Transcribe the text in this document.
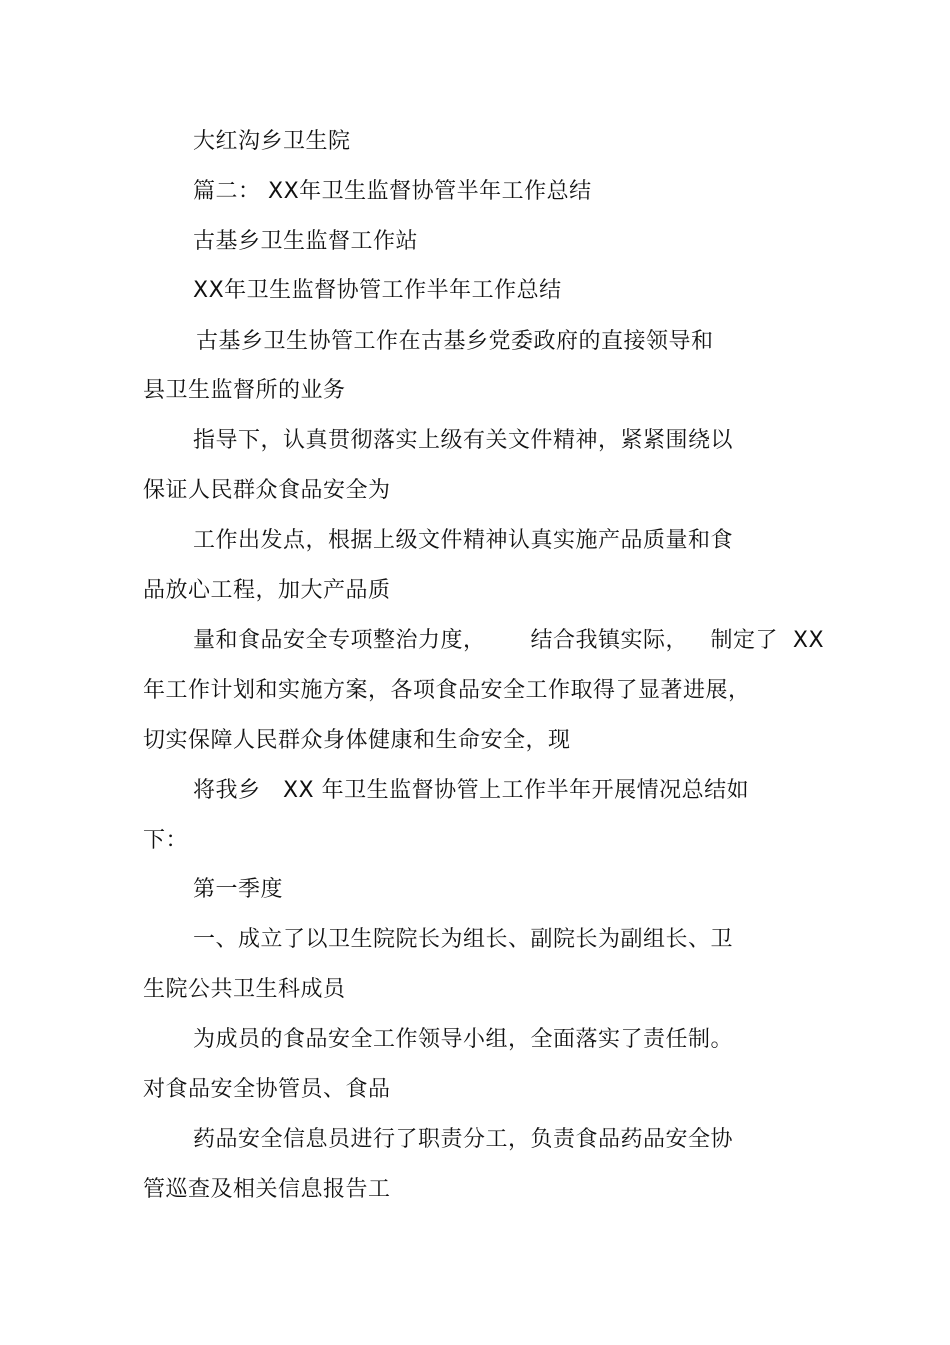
大红沟乡卫生院
篇二： XX年卫生监督协管半年工作总结
古基乡卫生监督工作站
XX年卫生监督协管工作半年工作总结
古基乡卫生协管工作在古基乡党委政府的直接领导和
县卫生监督所的业务
指导下，认真贯彻落实上级有关文件精神，紧紧围绕以
保证人民群众食品安全为
工作出发点，根据上级文件精神认真实施产品质量和食
品放心工程，加大产品质
量和食品安全专项整治力度，      结合我镇实际，   制定了  XX
年工作计划和实施方案，各项食品安全工作取得了显著进展，
切实保障人民群众身体健康和生命安全，现
将我乡   XX 年卫生监督协管上工作半年开展情况总结如
下：
第一季度
一、成立了以卫生院院长为组长、副院长为副组长、卫
生院公共卫生科成员
为成员的食品安全工作领导小组，全面落实了责任制。
对食品安全协管员、食品
药品安全信息员进行了职责分工，负责食品药品安全协
管巡查及相关信息报告工
